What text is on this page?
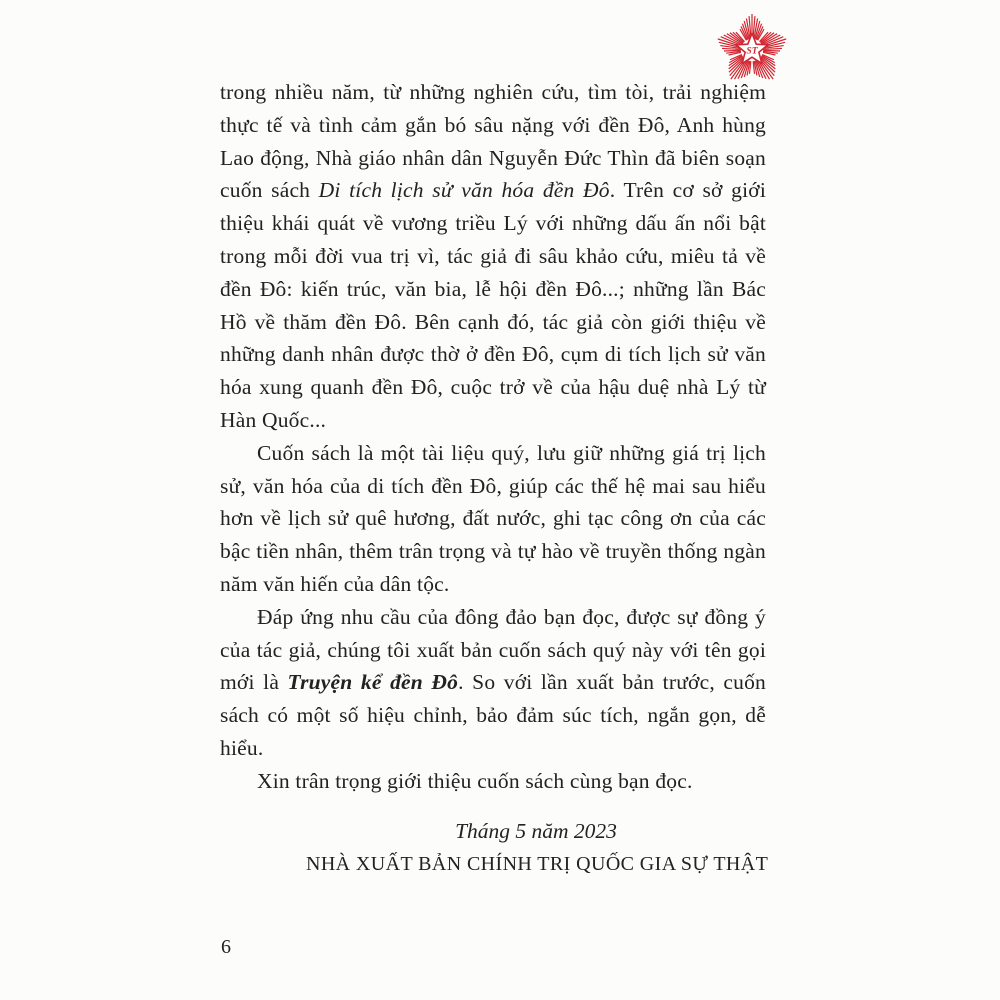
ST

trong nhiều năm, từ những nghiên cứu, tìm tòi, trải nghiệm thực tế và tình cảm gắn bó sâu nặng với đền Đô, Anh hùng Lao động, Nhà giáo nhân dân Nguyễn Đức Thìn đã biên soạn cuốn sách Di tích lịch sử văn hóa đền Đô. Trên cơ sở giới thiệu khái quát về vương triều Lý với những dấu ấn nổi bật trong mỗi đời vua trị vì, tác giả đi sâu khảo cứu, miêu tả về đền Đô: kiến trúc, văn bia, lễ hội đền Đô...; những lần Bác Hồ về thăm đền Đô. Bên cạnh đó, tác giả còn giới thiệu về những danh nhân được thờ ở đền Đô, cụm di tích lịch sử văn hóa xung quanh đền Đô, cuộc trở về của hậu duệ nhà Lý từ Hàn Quốc...

Cuốn sách là một tài liệu quý, lưu giữ những giá trị lịch sử, văn hóa của di tích đền Đô, giúp các thế hệ mai sau hiểu hơn về lịch sử quê hương, đất nước, ghi tạc công ơn của các bậc tiền nhân, thêm trân trọng và tự hào về truyền thống ngàn năm văn hiến của dân tộc.

Đáp ứng nhu cầu của đông đảo bạn đọc, được sự đồng ý của tác giả, chúng tôi xuất bản cuốn sách quý này với tên gọi mới là Truyện kể đền Đô. So với lần xuất bản trước, cuốn sách có một số hiệu chỉnh, bảo đảm súc tích, ngắn gọn, dễ hiểu.

Xin trân trọng giới thiệu cuốn sách cùng bạn đọc.

Tháng 5 năm 2023
NHÀ XUẤT BẢN CHÍNH TRỊ QUỐC GIA SỰ THẬT
6
